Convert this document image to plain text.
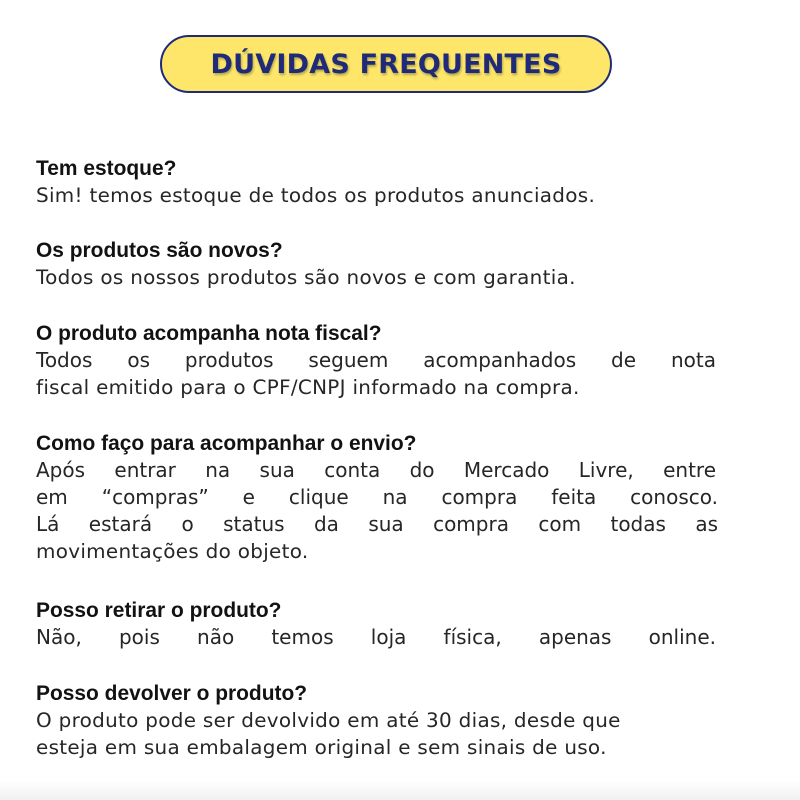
DÚVIDAS FREQUENTES
Tem estoque?
Sim! temos estoque de todos os produtos anunciados.
Os produtos são novos?
Todos os nossos produtos são novos e com garantia.
O produto acompanha nota fiscal?
Todos os produtos seguem acompanhados de nota
fiscal emitido para o CPF/CNPJ informado na compra.
Como faço para acompanhar o envio?
Após entrar na sua conta do Mercado Livre, entre
em “compras” e clique na compra feita conosco.
Lá estará o status da sua compra com todas as
movimentações do objeto.
Posso retirar o produto?
Não, pois não temos loja física, apenas online.
Posso devolver o produto?
O produto pode ser devolvido em até 30 dias, desde que
esteja em sua embalagem original e sem sinais de uso.
